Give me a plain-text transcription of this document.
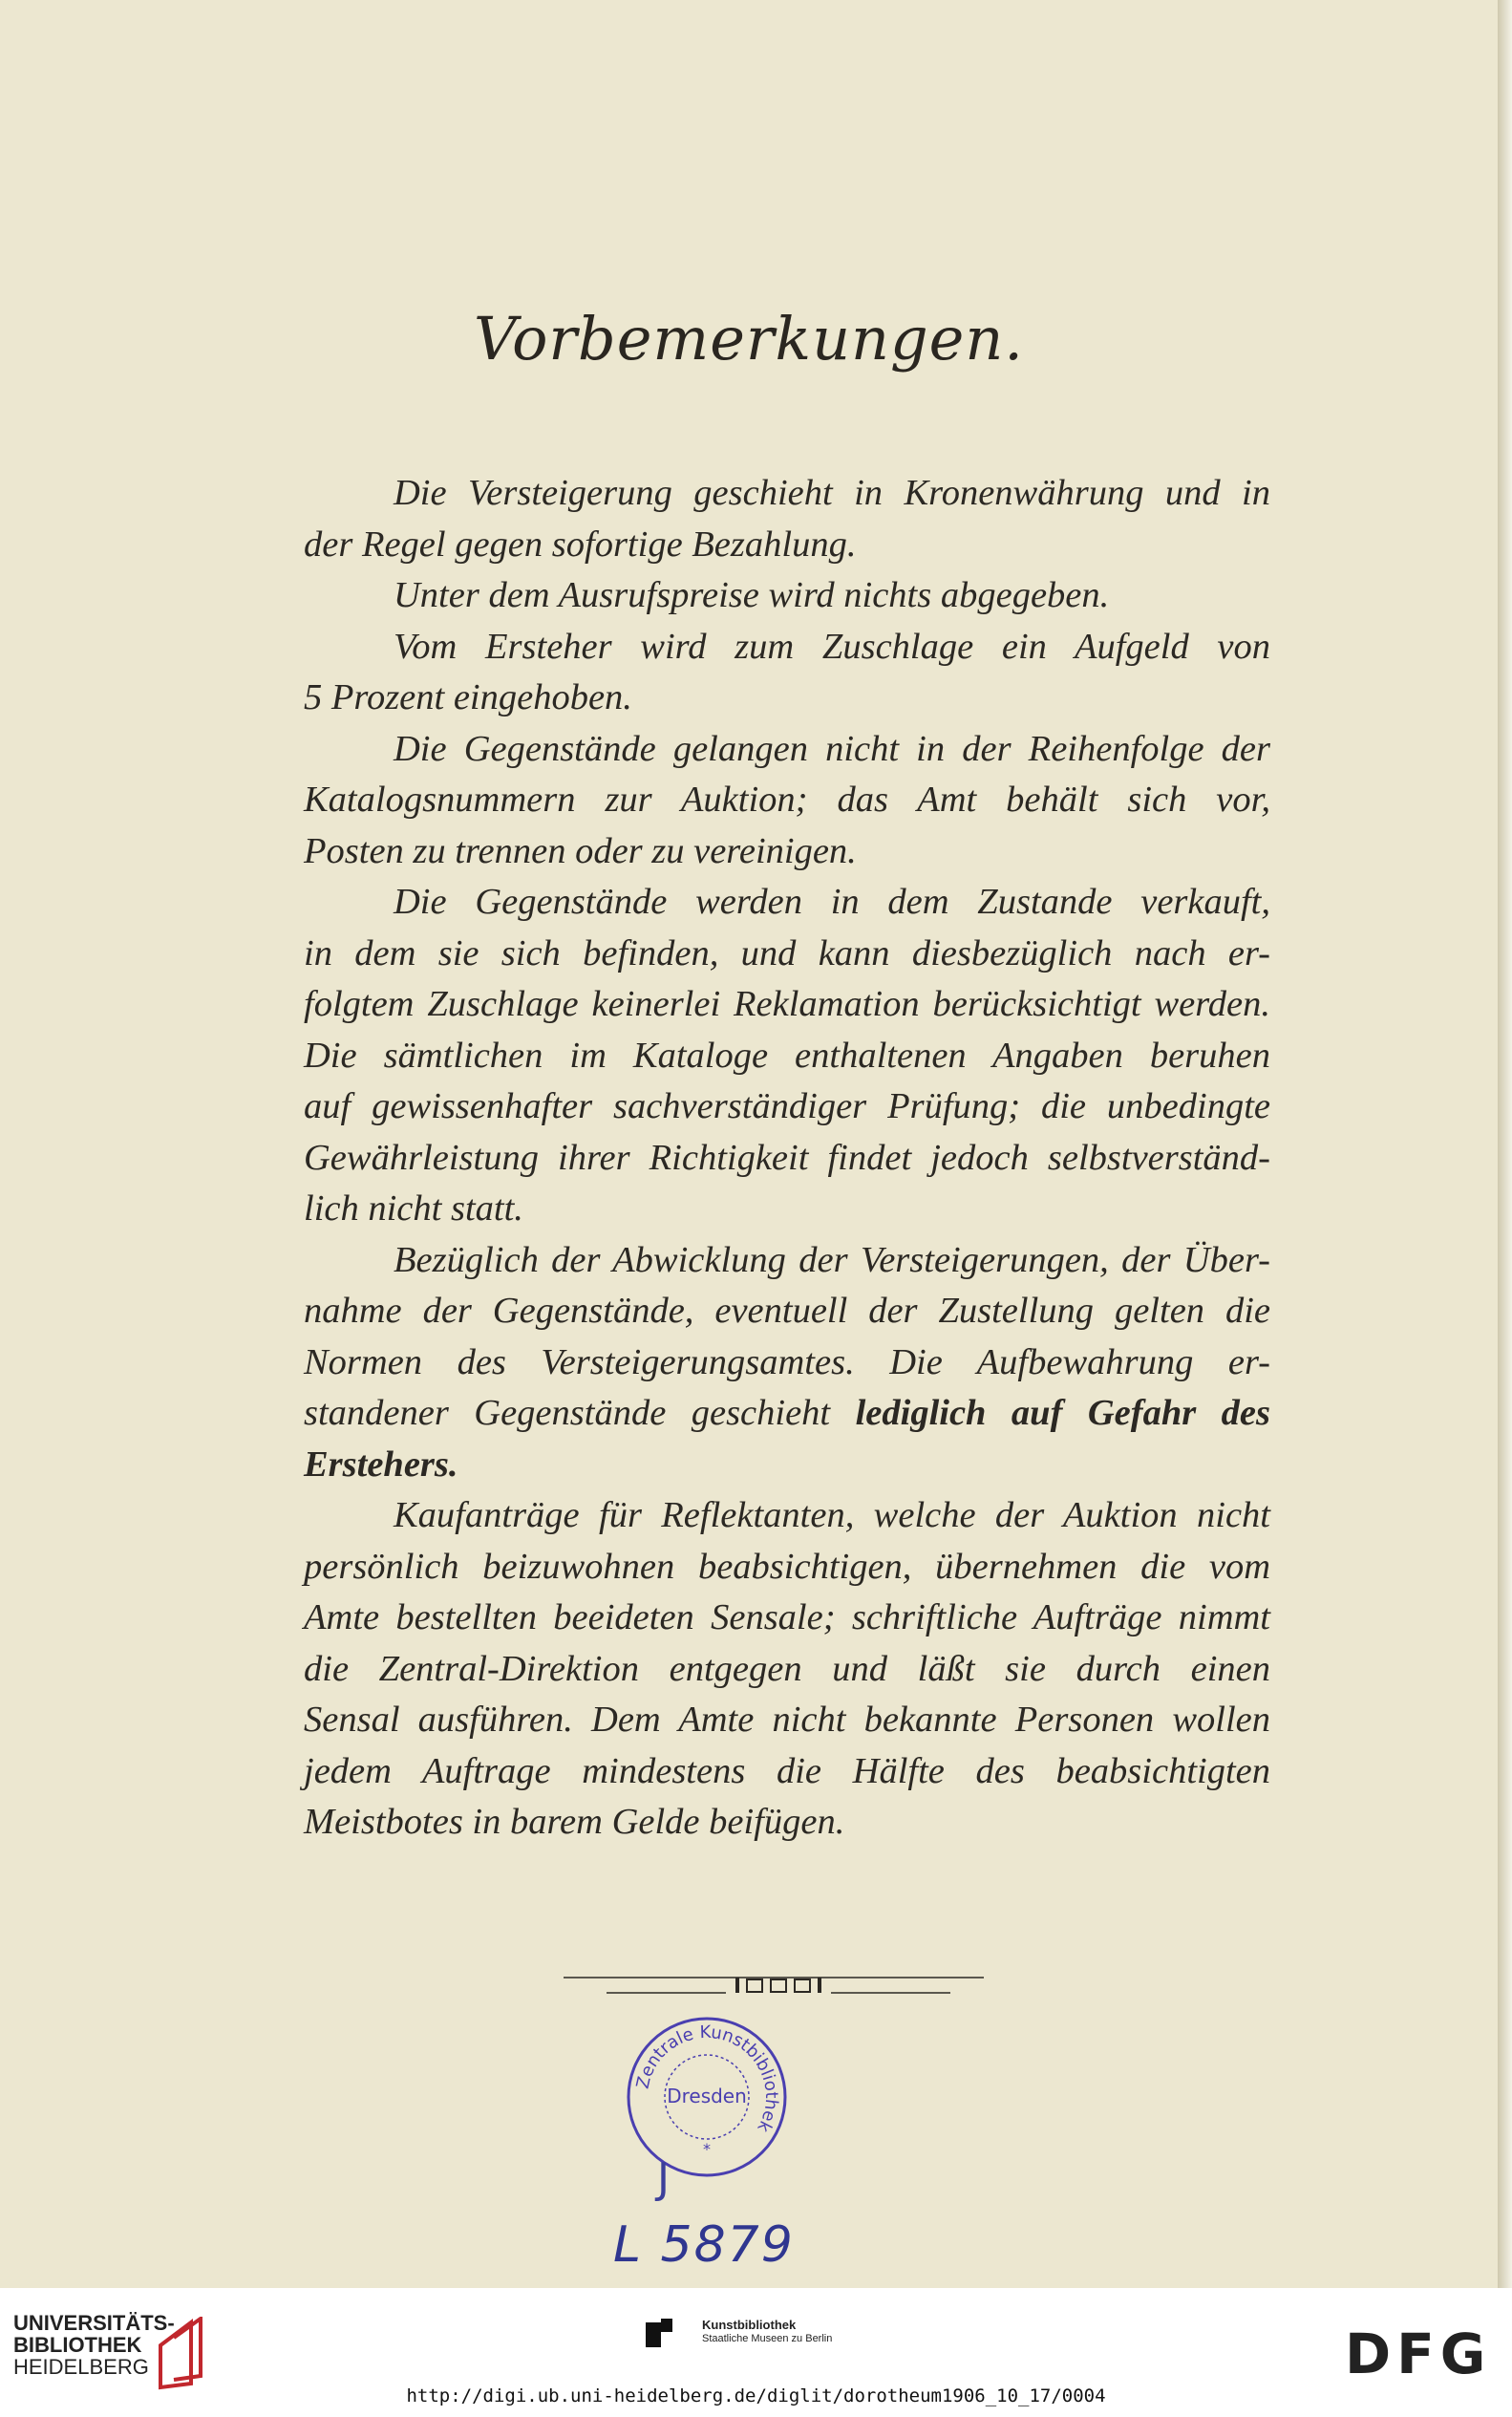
Vorbemerkungen.
Die Versteigerung geschieht in Kronenwährung und in
der Regel gegen sofortige Bezahlung.
Unter dem Ausrufspreise wird nichts abgegeben.
Vom Ersteher wird zum Zuschlage ein Aufgeld von
5 Prozent eingehoben.
Die Gegenstände gelangen nicht in der Reihenfolge der
Katalogsnummern zur Auktion; das Amt behält sich vor,
Posten zu trennen oder zu vereinigen.
Die Gegenstände werden in dem Zustande verkauft,
in dem sie sich befinden, und kann diesbezüglich nach er-
folgtem Zuschlage keinerlei Reklamation berücksichtigt werden.
Die sämtlichen im Kataloge enthaltenen Angaben beruhen
auf gewissenhafter sachverständiger Prüfung; die unbedingte
Gewährleistung ihrer Richtigkeit findet jedoch selbstverständ-
lich nicht statt.
Bezüglich der Abwicklung der Versteigerungen, der Über-
nahme der Gegenstände, eventuell der Zustellung gelten die
Normen des Versteigerungsamtes. Die Aufbewahrung er-
standener Gegenstände geschieht lediglich auf Gefahr des
Erstehers.
Kaufanträge für Reflektanten, welche der Auktion nicht
persönlich beizuwohnen beabsichtigen, übernehmen die vom
Amte bestellten beeideten Sensale; schriftliche Aufträge nimmt
die Zentral-Direktion entgegen und läßt sie durch einen
Sensal ausführen. Dem Amte nicht bekannte Personen wollen
jedem Auftrage mindestens die Hälfte des beabsichtigten
Meistbotes in barem Gelde beifügen.
Zentrale Kunstbibliothek
Dresden
*
J
L 5879
UNIVERSITÄTS-
BIBLIOTHEK
HEIDELBERG
Kunstbibliothek
Staatliche Museen zu Berlin	DFG
http://digi.ub.uni-heidelberg.de/diglit/dorotheum1906_10_17/0004
